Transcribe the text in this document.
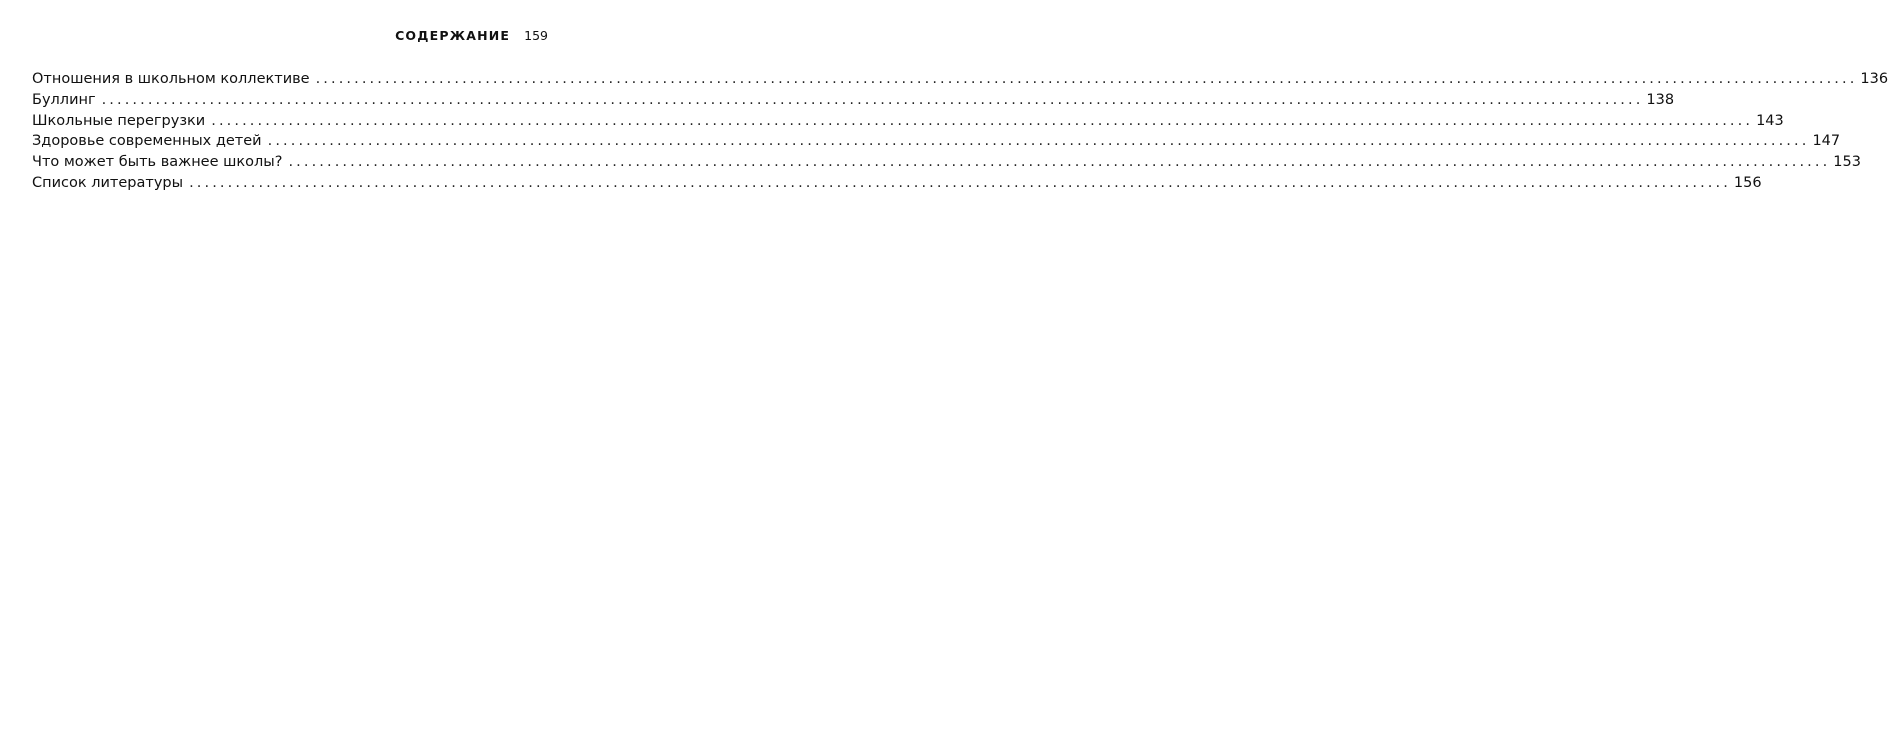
СОДЕРЖАНИЕ 159
Отношения в школьном коллективе ........................................................................................................................................................................................................ 136
Буллинг ........................................................................................................................................................................................................ 138
Школьные перегрузки ........................................................................................................................................................................................................ 143
Здоровье современных детей ........................................................................................................................................................................................................ 147
Что может быть важнее школы? ........................................................................................................................................................................................................ 153
Список литературы ........................................................................................................................................................................................................ 156
